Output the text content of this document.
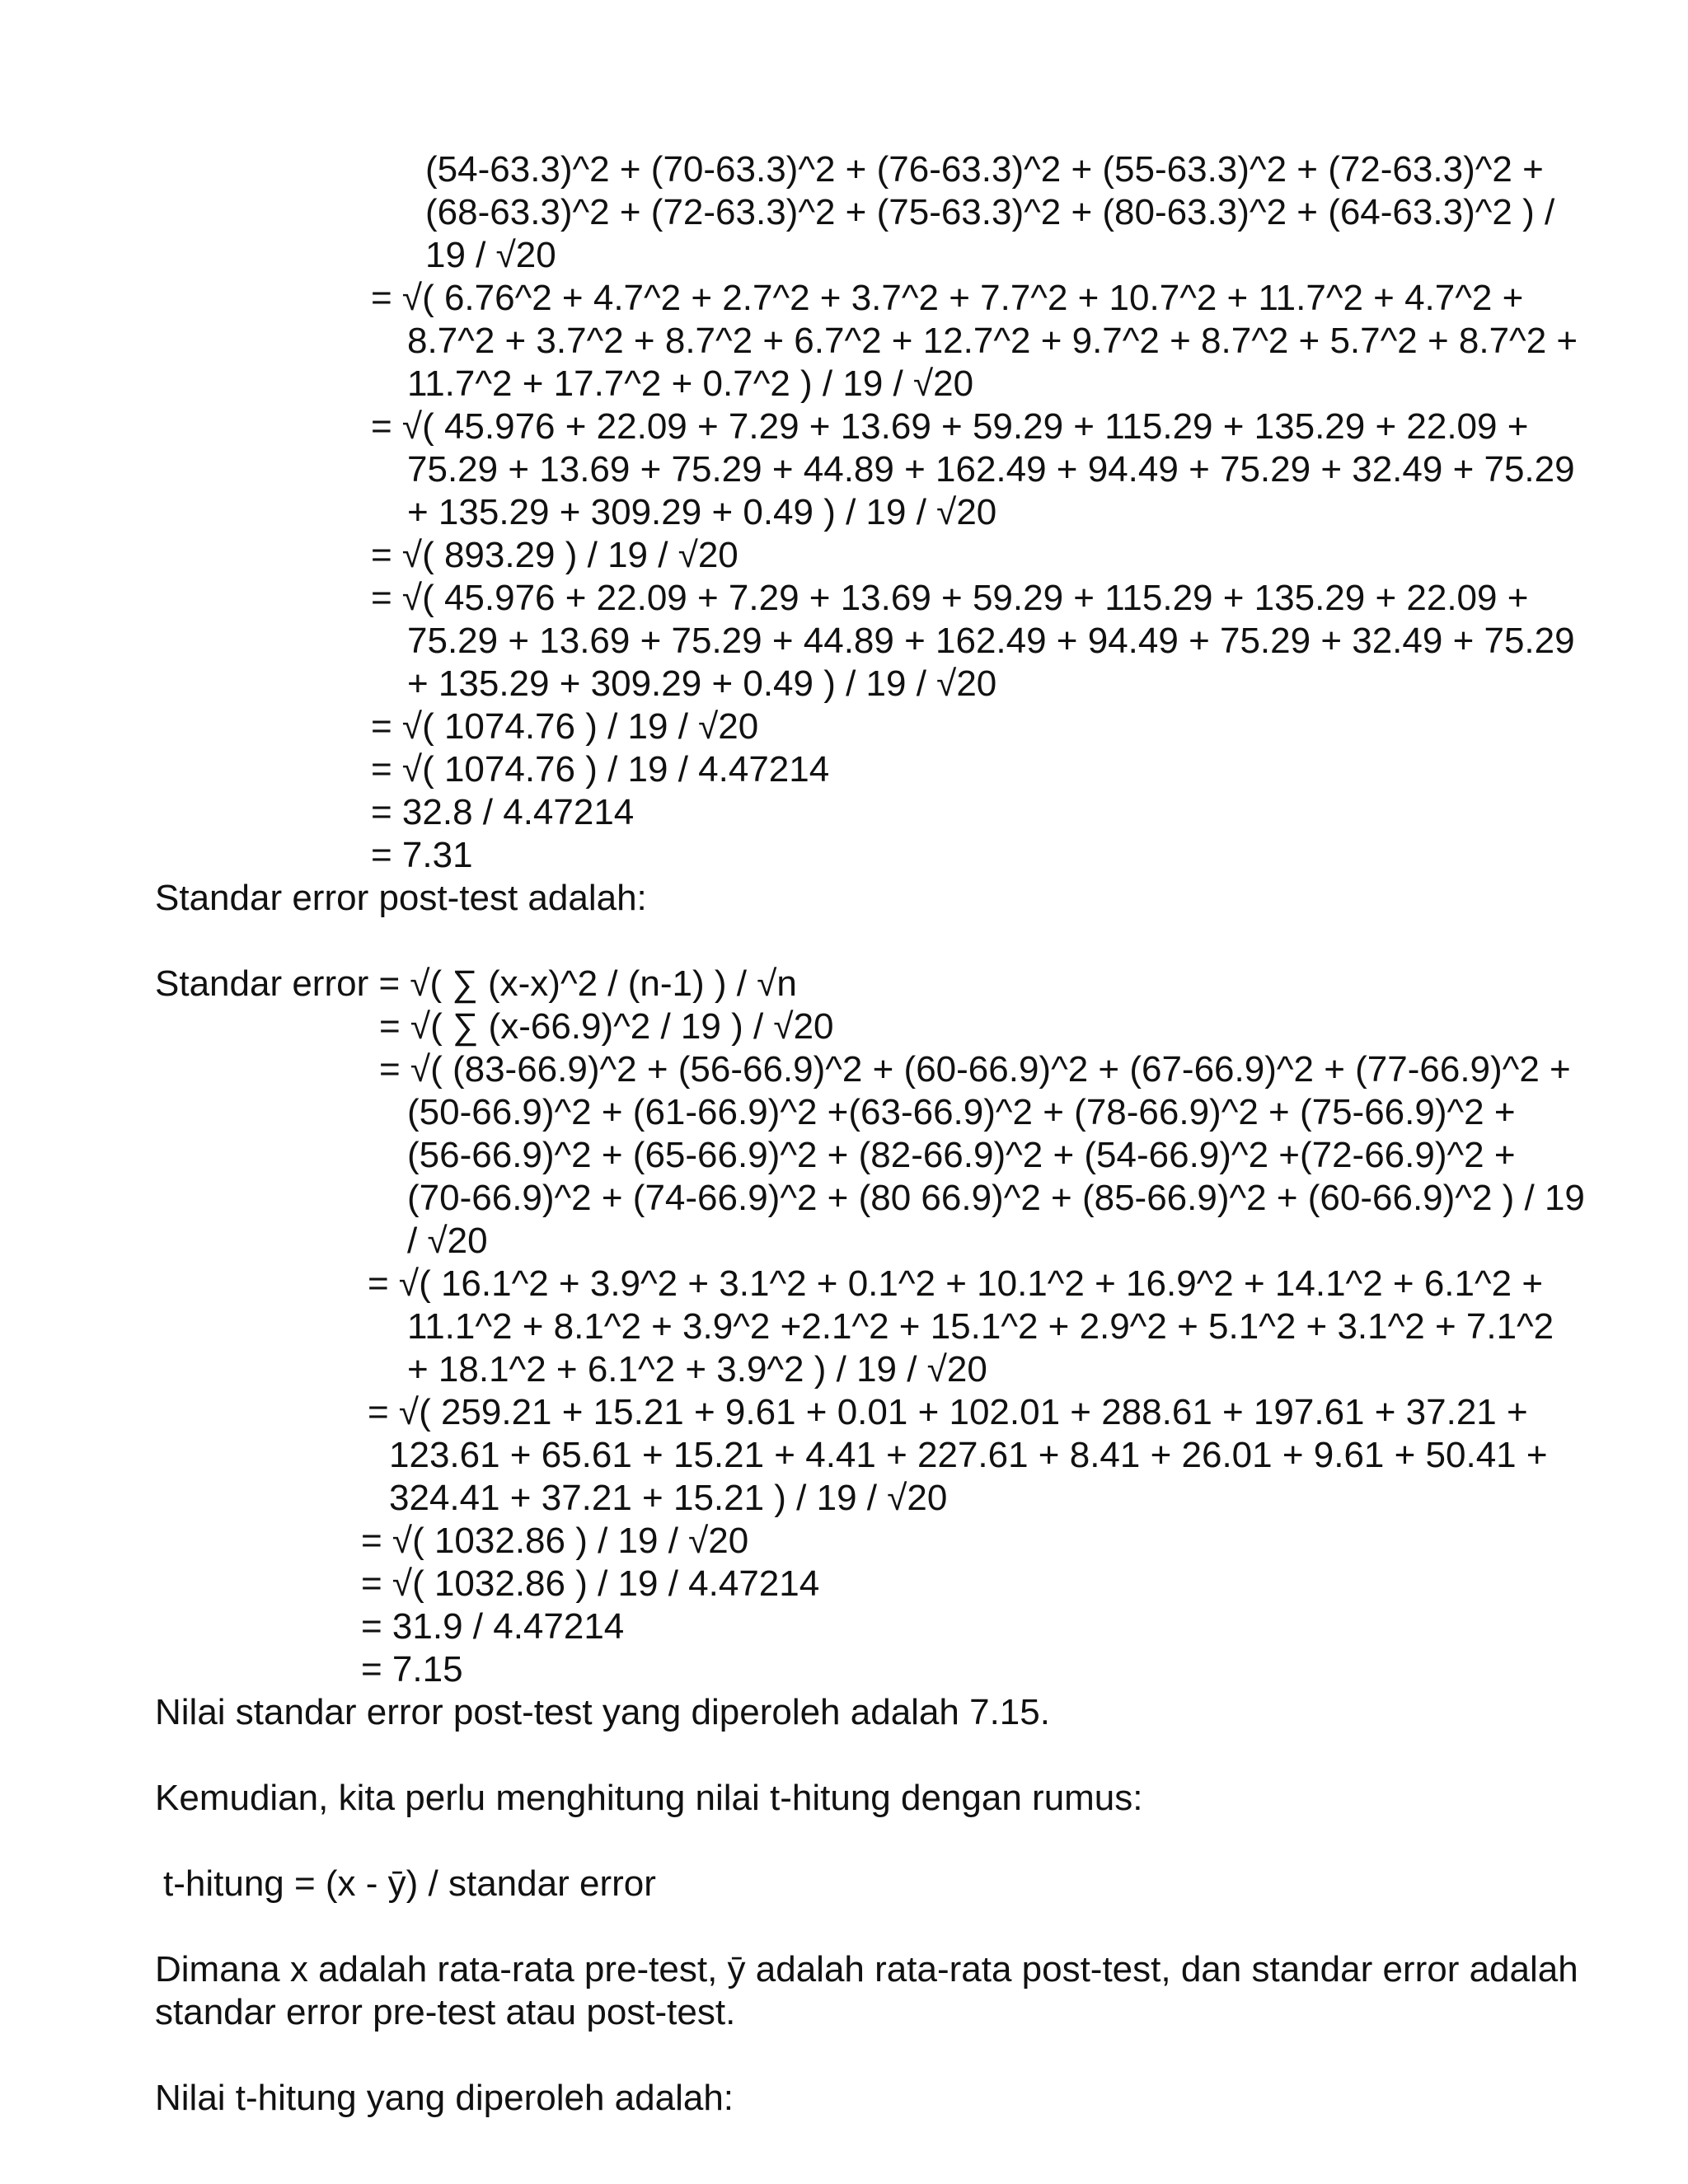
(54-63.3)^2 + (70-63.3)^2 + (76-63.3)^2 + (55-63.3)^2 + (72-63.3)^2 +

(68-63.3)^2 + (72-63.3)^2 + (75-63.3)^2 + (80-63.3)^2 + (64-63.3)^2 ) /

19 / √20

= √( 6.76^2 + 4.7^2 + 2.7^2 + 3.7^2 + 7.7^2 + 10.7^2 + 11.7^2 + 4.7^2 +

8.7^2 + 3.7^2 + 8.7^2 + 6.7^2 + 12.7^2 + 9.7^2 + 8.7^2 + 5.7^2 + 8.7^2 +

11.7^2 + 17.7^2 + 0.7^2 ) / 19 / √20

= √( 45.976 + 22.09 + 7.29 + 13.69 + 59.29 + 115.29 + 135.29 + 22.09 +

75.29 + 13.69 + 75.29 + 44.89 + 162.49 + 94.49 + 75.29 + 32.49 + 75.29

+ 135.29 + 309.29 + 0.49 ) / 19 / √20

= √( 893.29 ) / 19 / √20

= √( 45.976 + 22.09 + 7.29 + 13.69 + 59.29 + 115.29 + 135.29 + 22.09 +

75.29 + 13.69 + 75.29 + 44.89 + 162.49 + 94.49 + 75.29 + 32.49 + 75.29

+ 135.29 + 309.29 + 0.49 ) / 19 / √20

= √( 1074.76 ) / 19 / √20

= √( 1074.76 ) / 19 / 4.47214

= 32.8 / 4.47214

= 7.31

Standar error post-test adalah:

Standar error = √( ∑ (x-x)^2 / (n-1) ) / √n

= √( ∑ (x-66.9)^2 / 19 ) / √20

= √( (83-66.9)^2 + (56-66.9)^2 + (60-66.9)^2 + (67-66.9)^2 + (77-66.9)^2 +

(50-66.9)^2 + (61-66.9)^2 +(63-66.9)^2 + (78-66.9)^2 + (75-66.9)^2 +

(56-66.9)^2 + (65-66.9)^2 + (82-66.9)^2 + (54-66.9)^2 +(72-66.9)^2 +

(70-66.9)^2 + (74-66.9)^2 + (80 66.9)^2 + (85-66.9)^2 + (60-66.9)^2 ) / 19

/ √20

= √( 16.1^2 + 3.9^2 + 3.1^2 + 0.1^2 + 10.1^2 + 16.9^2 + 14.1^2 + 6.1^2 +

11.1^2 + 8.1^2 + 3.9^2 +2.1^2 + 15.1^2 + 2.9^2 + 5.1^2 + 3.1^2 + 7.1^2

+ 18.1^2 + 6.1^2 + 3.9^2 ) / 19 / √20

= √( 259.21 + 15.21 + 9.61 + 0.01 + 102.01 + 288.61 + 197.61 + 37.21 +

123.61 + 65.61 + 15.21 + 4.41 + 227.61 + 8.41 + 26.01 + 9.61 + 50.41 +

324.41 + 37.21 + 15.21 ) / 19 / √20

= √( 1032.86 ) / 19 / √20

= √( 1032.86 ) / 19 / 4.47214

= 31.9 / 4.47214

= 7.15

Nilai standar error post-test yang diperoleh adalah 7.15.

Kemudian, kita perlu menghitung nilai t-hitung dengan rumus:

t-hitung = (x - ȳ) / standar error

Dimana x adalah rata-rata pre-test, ȳ adalah rata-rata post-test, dan standar error adalah

standar error pre-test atau post-test.

Nilai t-hitung yang diperoleh adalah:
